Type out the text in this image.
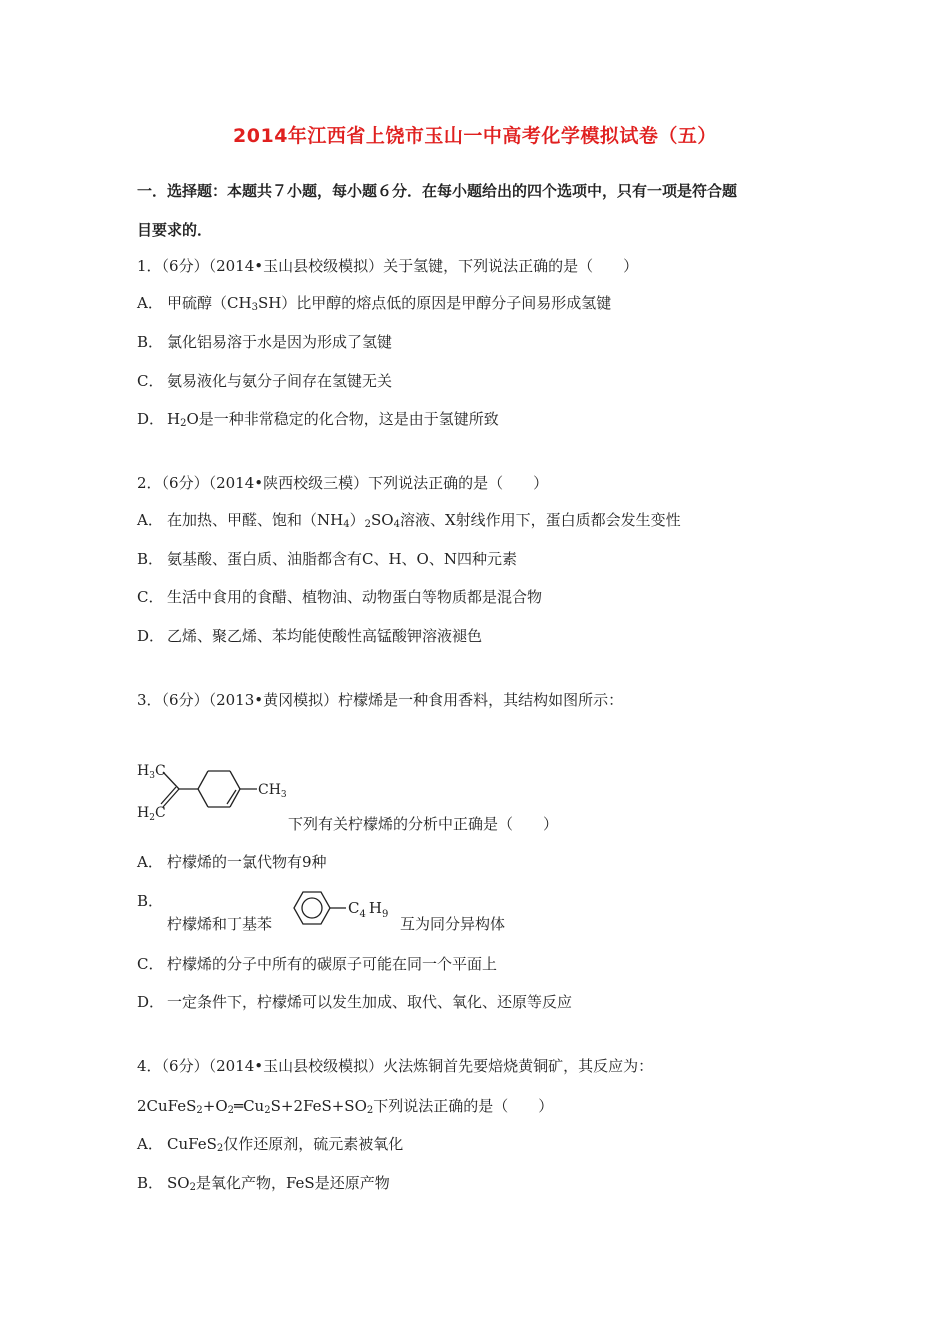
2014年江西省上饶市玉山一中高考化学模拟试卷（五）
一．选择题：本题共７小题，每小题６分．在每小题给出的四个选项中，只有一项是符合题
目要求的．
1．（6分）（2014•玉山县校级模拟）关于氢键，下列说法正确的是（　　）
A． 甲硫醇$(CH_3SH)$比甲醇的熔点低的原因是甲醇分子间易形成氢键
B． 氯化铝易溶于水是因为形成了氢键
C． 氨易液化与氨分子间存在氢键无关
D． $H_2O$是一种非常稳定的化合物，这是由于氢键所致
2．（6分）（2014•陕西校级三模）下列说法正确的是（　　）
A． 在加热、甲醛、饱和$(NH_4)_2SO_4$溶液、X射线作用下，蛋白质都会发生变性
B． 氨基酸、蛋白质、油脂都含有C、H、O、N四种元素
C． 生活中食用的食醋、植物油、动物蛋白等物质都是混合物
D． 乙烯、聚乙烯、苯均能使酸性高锰酸钾溶液褪色
3．（6分）（2013•黄冈模拟）柠檬烯是一种食用香料，其结构如图所示：
$H_3C$
$H_2C$
$CH_3$
下列有关柠檬烯的分析中正确是（　　）
A． 柠檬烯的一氯代物有9种
B．
柠檬烯和丁基苯
$C_4$ $H_9$
互为同分异构体
C． 柠檬烯的分子中所有的碳原子可能在同一个平面上
D． 一定条件下，柠檬烯可以发生加成、取代、氧化、还原等反应
4．（6分）（2014•玉山县校级模拟）火法炼铜首先要焙烧黄铜矿，其反应为：
$2CuFeS_2+O_2═Cu_2S+2FeS+SO_2$下列说法正确的是（　　）
A． CuFeS$_2$仅作还原剂，硫元素被氧化
B． $SO_2$是氧化产物，FeS是还原产物
